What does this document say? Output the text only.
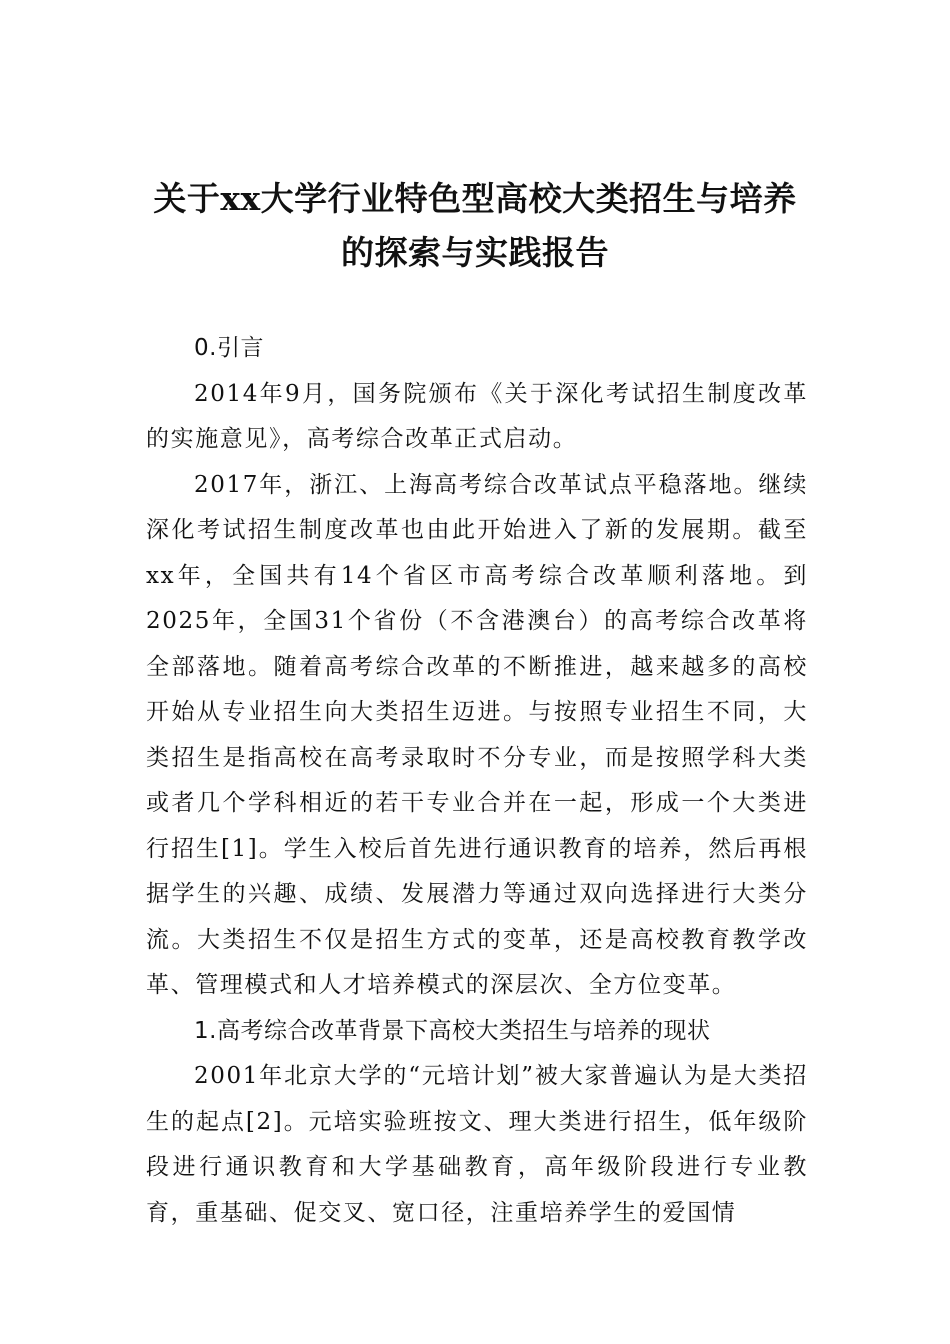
关于xx大学行业特色型高校大类招生与培养的探索与实践报告

0.引言

2014年9月，国务院颁布《关于深化考试招生制度改革的实施意见》，高考综合改革正式启动。

2017年，浙江、上海高考综合改革试点平稳落地。继续深化考试招生制度改革也由此开始进入了新的发展期。截至xx年，全国共有14个省区市高考综合改革顺利落地。到2025年，全国31个省份（不含港澳台）的高考综合改革将全部落地。随着高考综合改革的不断推进，越来越多的高校开始从专业招生向大类招生迈进。与按照专业招生不同，大类招生是指高校在高考录取时不分专业，而是按照学科大类或者几个学科相近的若干专业合并在一起，形成一个大类进行招生[1]。学生入校后首先进行通识教育的培养，然后再根据学生的兴趣、成绩、发展潜力等通过双向选择进行大类分流。大类招生不仅是招生方式的变革，还是高校教育教学改革、管理模式和人才培养模式的深层次、全方位变革。

1.高考综合改革背景下高校大类招生与培养的现状

2001年北京大学的“元培计划”被大家普遍认为是大类招生的起点[2]。元培实验班按文、理大类进行招生，低年级阶段进行通识教育和大学基础教育，高年级阶段进行专业教育，重基础、促交叉、宽口径，注重培养学生的爱国情
